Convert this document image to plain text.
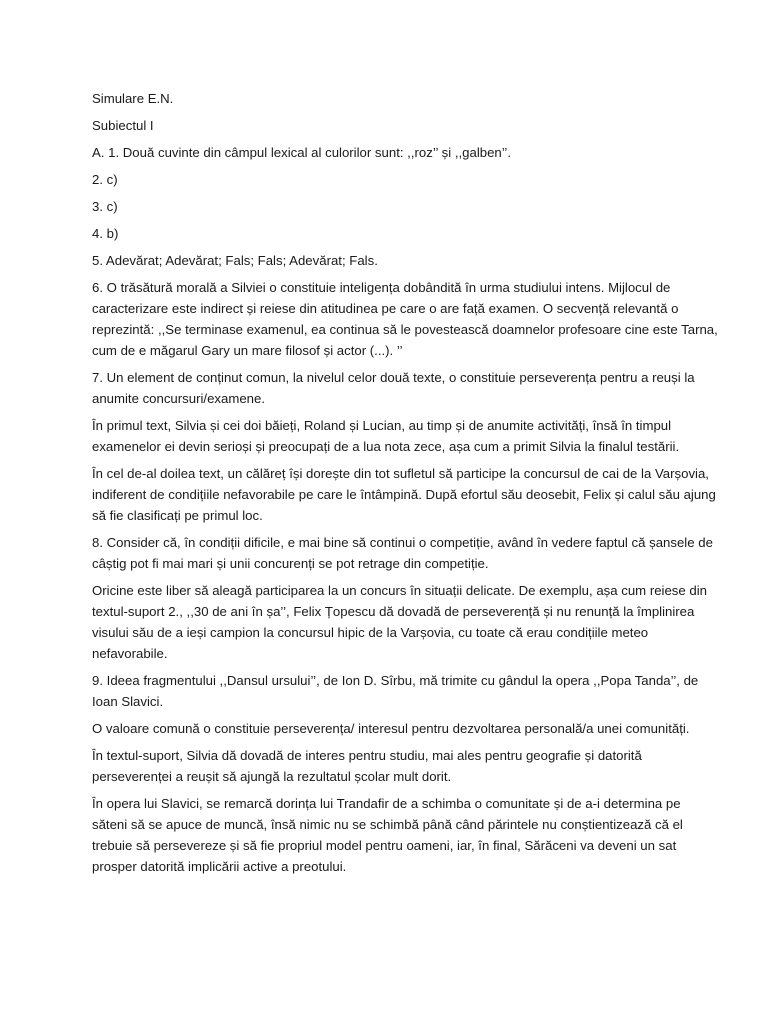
Simulare E.N.

Subiectul I

A. 1. Două cuvinte din câmpul lexical al culorilor sunt: ,,roz’’ și ,,galben’’.

2. c)

3. c)

4. b)

5. Adevărat; Adevărat; Fals; Fals; Adevărat; Fals.

6. O trăsătură morală a Silviei o constituie inteligența dobândită în urma studiului intens. Mijlocul de caracterizare este indirect și reiese din atitudinea pe care o are față examen. O secvență relevantă o reprezintă: ,,Se terminase examenul, ea continua să le povestească doamnelor profesoare cine este Tarna, cum de e măgarul Gary un mare filosof și actor (...). ’’

7. Un element de conținut comun, la nivelul celor două texte, o constituie perseverența pentru a reuși la anumite concursuri/examene.

În primul text, Silvia și cei doi băieți, Roland și Lucian, au timp și de anumite activități, însă în timpul examenelor ei devin serioși și preocupați de a lua nota zece, așa cum a primit Silvia la finalul testării.

În cel de-al doilea text, un călăreț își dorește din tot sufletul să participe la concursul de cai de la Varșovia, indiferent de condițiile nefavorabile pe care le întâmpină. După efortul său deosebit, Felix și calul său ajung să fie clasificați pe primul loc.

8. Consider că, în condiții dificile, e mai bine să continui o competiție, având în vedere faptul că șansele de câștig pot fi mai mari și unii concurenți se pot retrage din competiție.

Oricine este liber să aleagă participarea la un concurs în situații delicate. De exemplu, așa cum reiese din textul-suport 2., ,,30 de ani în șa’’, Felix Țopescu dă dovadă de perseverență și nu renunță la împlinirea visului său de a ieși campion la concursul hipic de la Varșovia, cu toate că erau condițiile meteo nefavorabile.

9. Ideea fragmentului ,,Dansul ursului’’, de Ion D. Sîrbu, mă trimite cu gândul la opera ,,Popa Tanda’’, de Ioan Slavici.

O valoare comună o constituie perseverența/ interesul pentru dezvoltarea personală/a unei comunități.

În textul-suport, Silvia dă dovadă de interes pentru studiu, mai ales pentru geografie și datorită perseverenței a reușit să ajungă la rezultatul școlar mult dorit.

În opera lui Slavici, se remarcă dorința lui Trandafir de a schimba o comunitate și de a-i determina pe săteni să se apuce de muncă, însă nimic nu se schimbă până când părintele nu conștientizează că el trebuie să persevereze și să fie propriul model pentru oameni, iar, în final, Sărăceni va deveni un sat prosper datorită implicării active a preotului.
